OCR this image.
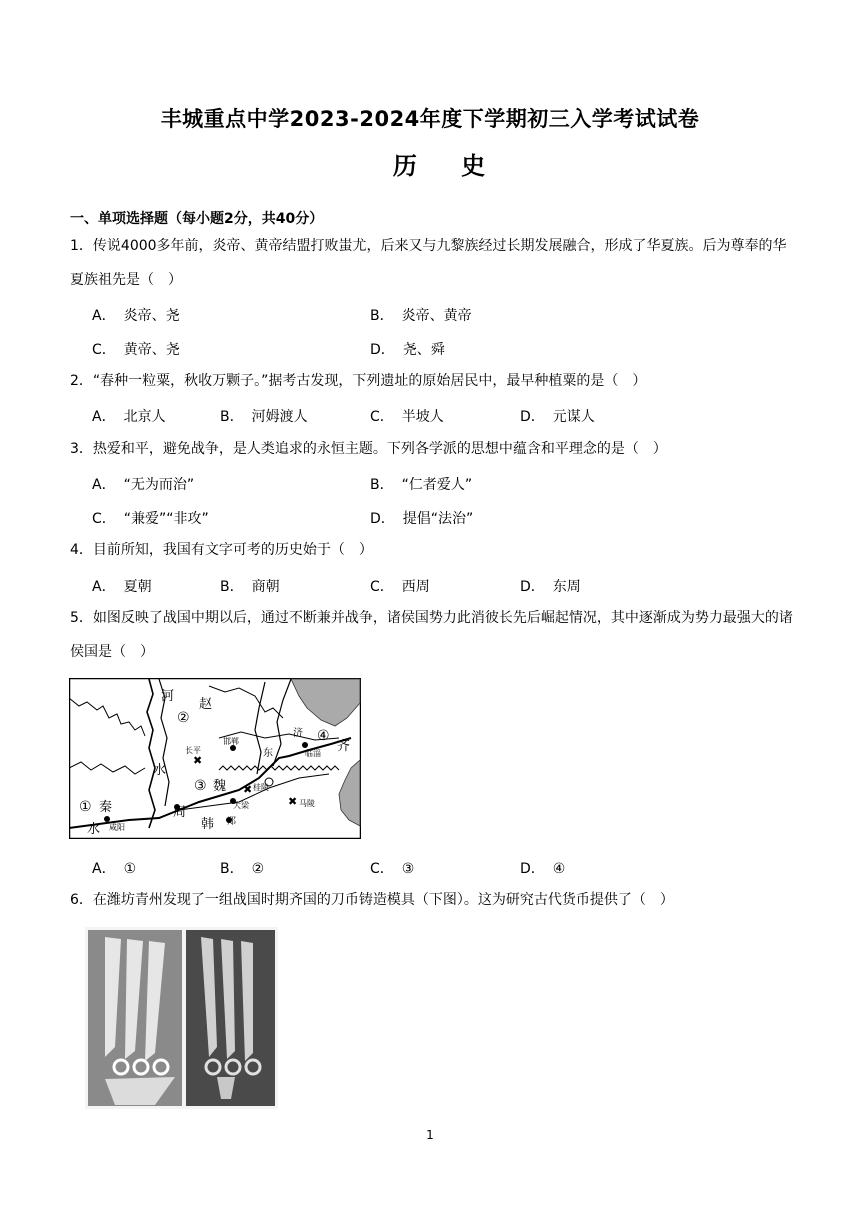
丰城重点中学2023-2024年度下学期初三入学考试试卷
历 史
一、单项选择题（每小题2分，共40分）
1．传说4000多年前，炎帝、黄帝结盟打败蚩尤，后来又与九黎族经过长期发展融合，形成了华夏族。后为尊奉的华夏族祖先是（　）
A． 炎帝、尧	B． 炎帝、黄帝
C． 黄帝、尧	D． 尧、舜
2．“春种一粒粟，秋收万颗子。”据考古发现，下列遗址的原始居民中，最早种植粟的是（　）
A． 北京人	B． 河姆渡人	C． 半坡人	D． 元谋人
3．热爱和平，避免战争，是人类追求的永恒主题。下列各学派的思想中蕴含和平理念的是（　）
A． “无为而治”	B． “仁者爱人”
C． “兼爱”“非攻”	D． 提倡“法治”
4．目前所知，我国有文字可考的历史始于（　）
A． 夏朝	B． 商朝	C． 西周	D． 东周
5．如图反映了战国中期以后，通过不断兼并战争，诸侯国势力此消彼长先后崛起情况，其中逐渐成为势力最强大的诸侯国是（　）
✖
✖
✖
河
赵
②
长平
邯郸
东
济 ④
临淄 齐
水
③ 魏	桂陵
① 秦	周	大梁	马陵
水 咸阳	韩 郑
A． ①	B． ②	C． ③	D． ④
6．在潍坊青州发现了一组战国时期齐国的刀币铸造模具（下图）。这为研究古代货币提供了（　）
1
